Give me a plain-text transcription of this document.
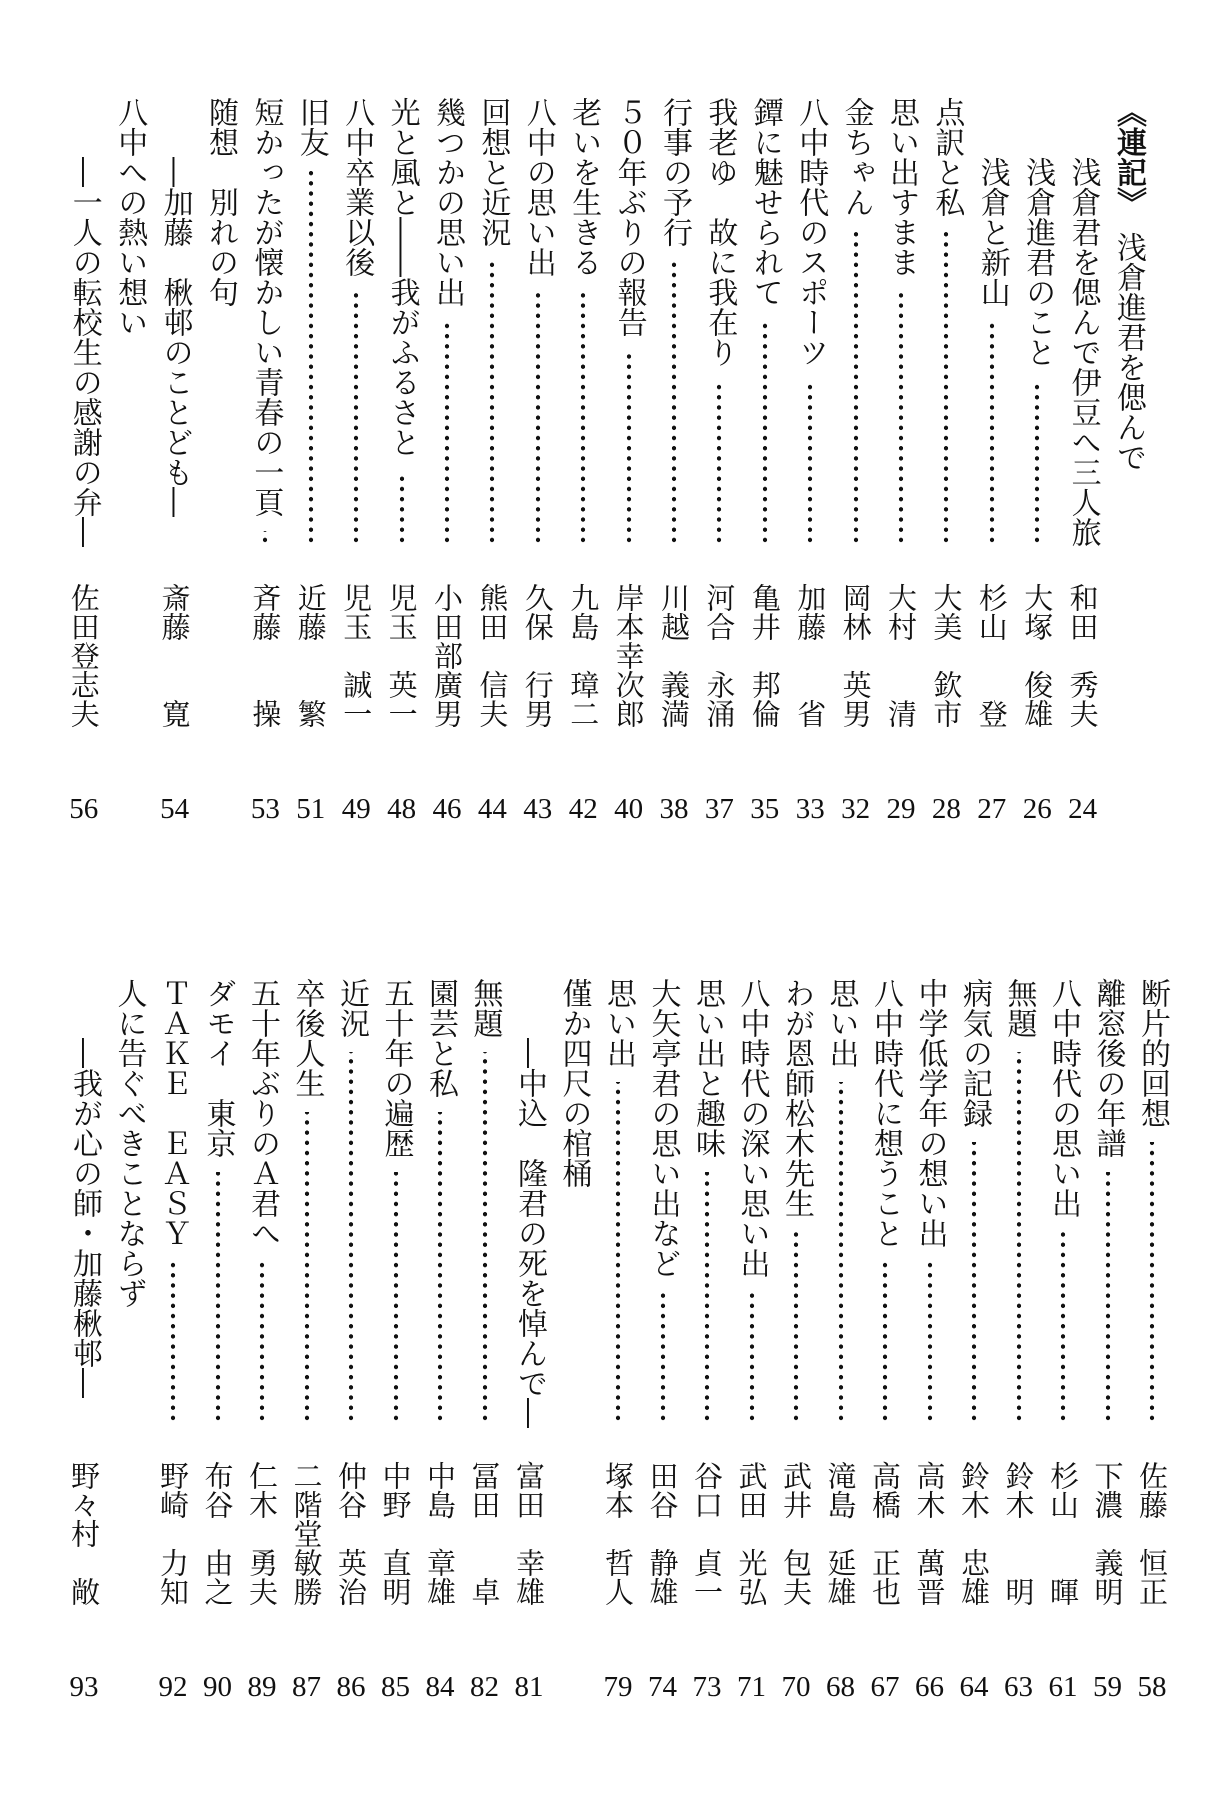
《連記》　浅倉進君を偲んで
浅倉君を偲んで伊豆へ三人旅
和田　秀夫
24
浅倉進君のこと
大塚　俊雄
26
浅倉と新山
杉山　　登
27
点訳と私
大美　欽市
28
思い出すまま
大村　　清
29
金ちゃん
岡林　英男
32
八中時代のスポーツ
加藤　　省
33
鐔に魅せられて
亀井　邦倫
35
我老ゆ　故に我在り
河合　永涌
37
行事の予行
川越　義満
38
５０年ぶりの報告
岸本幸次郎
40
老いを生きる
九島　璋二
42
八中の思い出
久保　行男
43
回想と近況
熊田　信夫
44
幾つかの思い出
小田部廣男
46
光と風と――我がふるさと
児玉　英一
48
八中卒業以後
児玉　誠一
49
旧友
近藤　　繁
51
短かったが懐かしい青春の一頁
斉藤　　操
53
随想　別れの句
―加藤　楸邨のことども―
斎藤　　寛
54
八中への熱い想い
―一人の転校生の感謝の弁―
佐田登志夫
56
断片的回想
佐藤　恒正
58
離窓後の年譜
下濃　義明
59
八中時代の思い出
杉山　　暉
61
無題
鈴木　　明
63
病気の記録
鈴木　忠雄
64
中学低学年の想い出
高木　萬晋
66
八中時代に想うこと
高橋　正也
67
思い出
滝島　延雄
68
わが恩師松木先生
武井　包夫
70
八中時代の深い思い出
武田　光弘
71
思い出と趣味
谷口　貞一
73
大矢亭君の思い出など
田谷　静雄
74
思い出
塚本　哲人
79
僅か四尺の棺桶
―中込　隆君の死を悼んで―
富田　幸雄
81
無題
冨田　　卓
82
園芸と私
中島　章雄
84
五十年の遍歴
中野　直明
85
近況
仲谷　英治
86
卒後人生
二階堂敏勝
87
五十年ぶりのＡ君へ
仁木　勇夫
89
ダモイ　東京
布谷　由之
90
ＴＡＫＥ　ＥＡＳＹ
野崎　力知
92
人に告ぐべきことならず
―我が心の師・加藤楸邨―
野々村　敞
93
